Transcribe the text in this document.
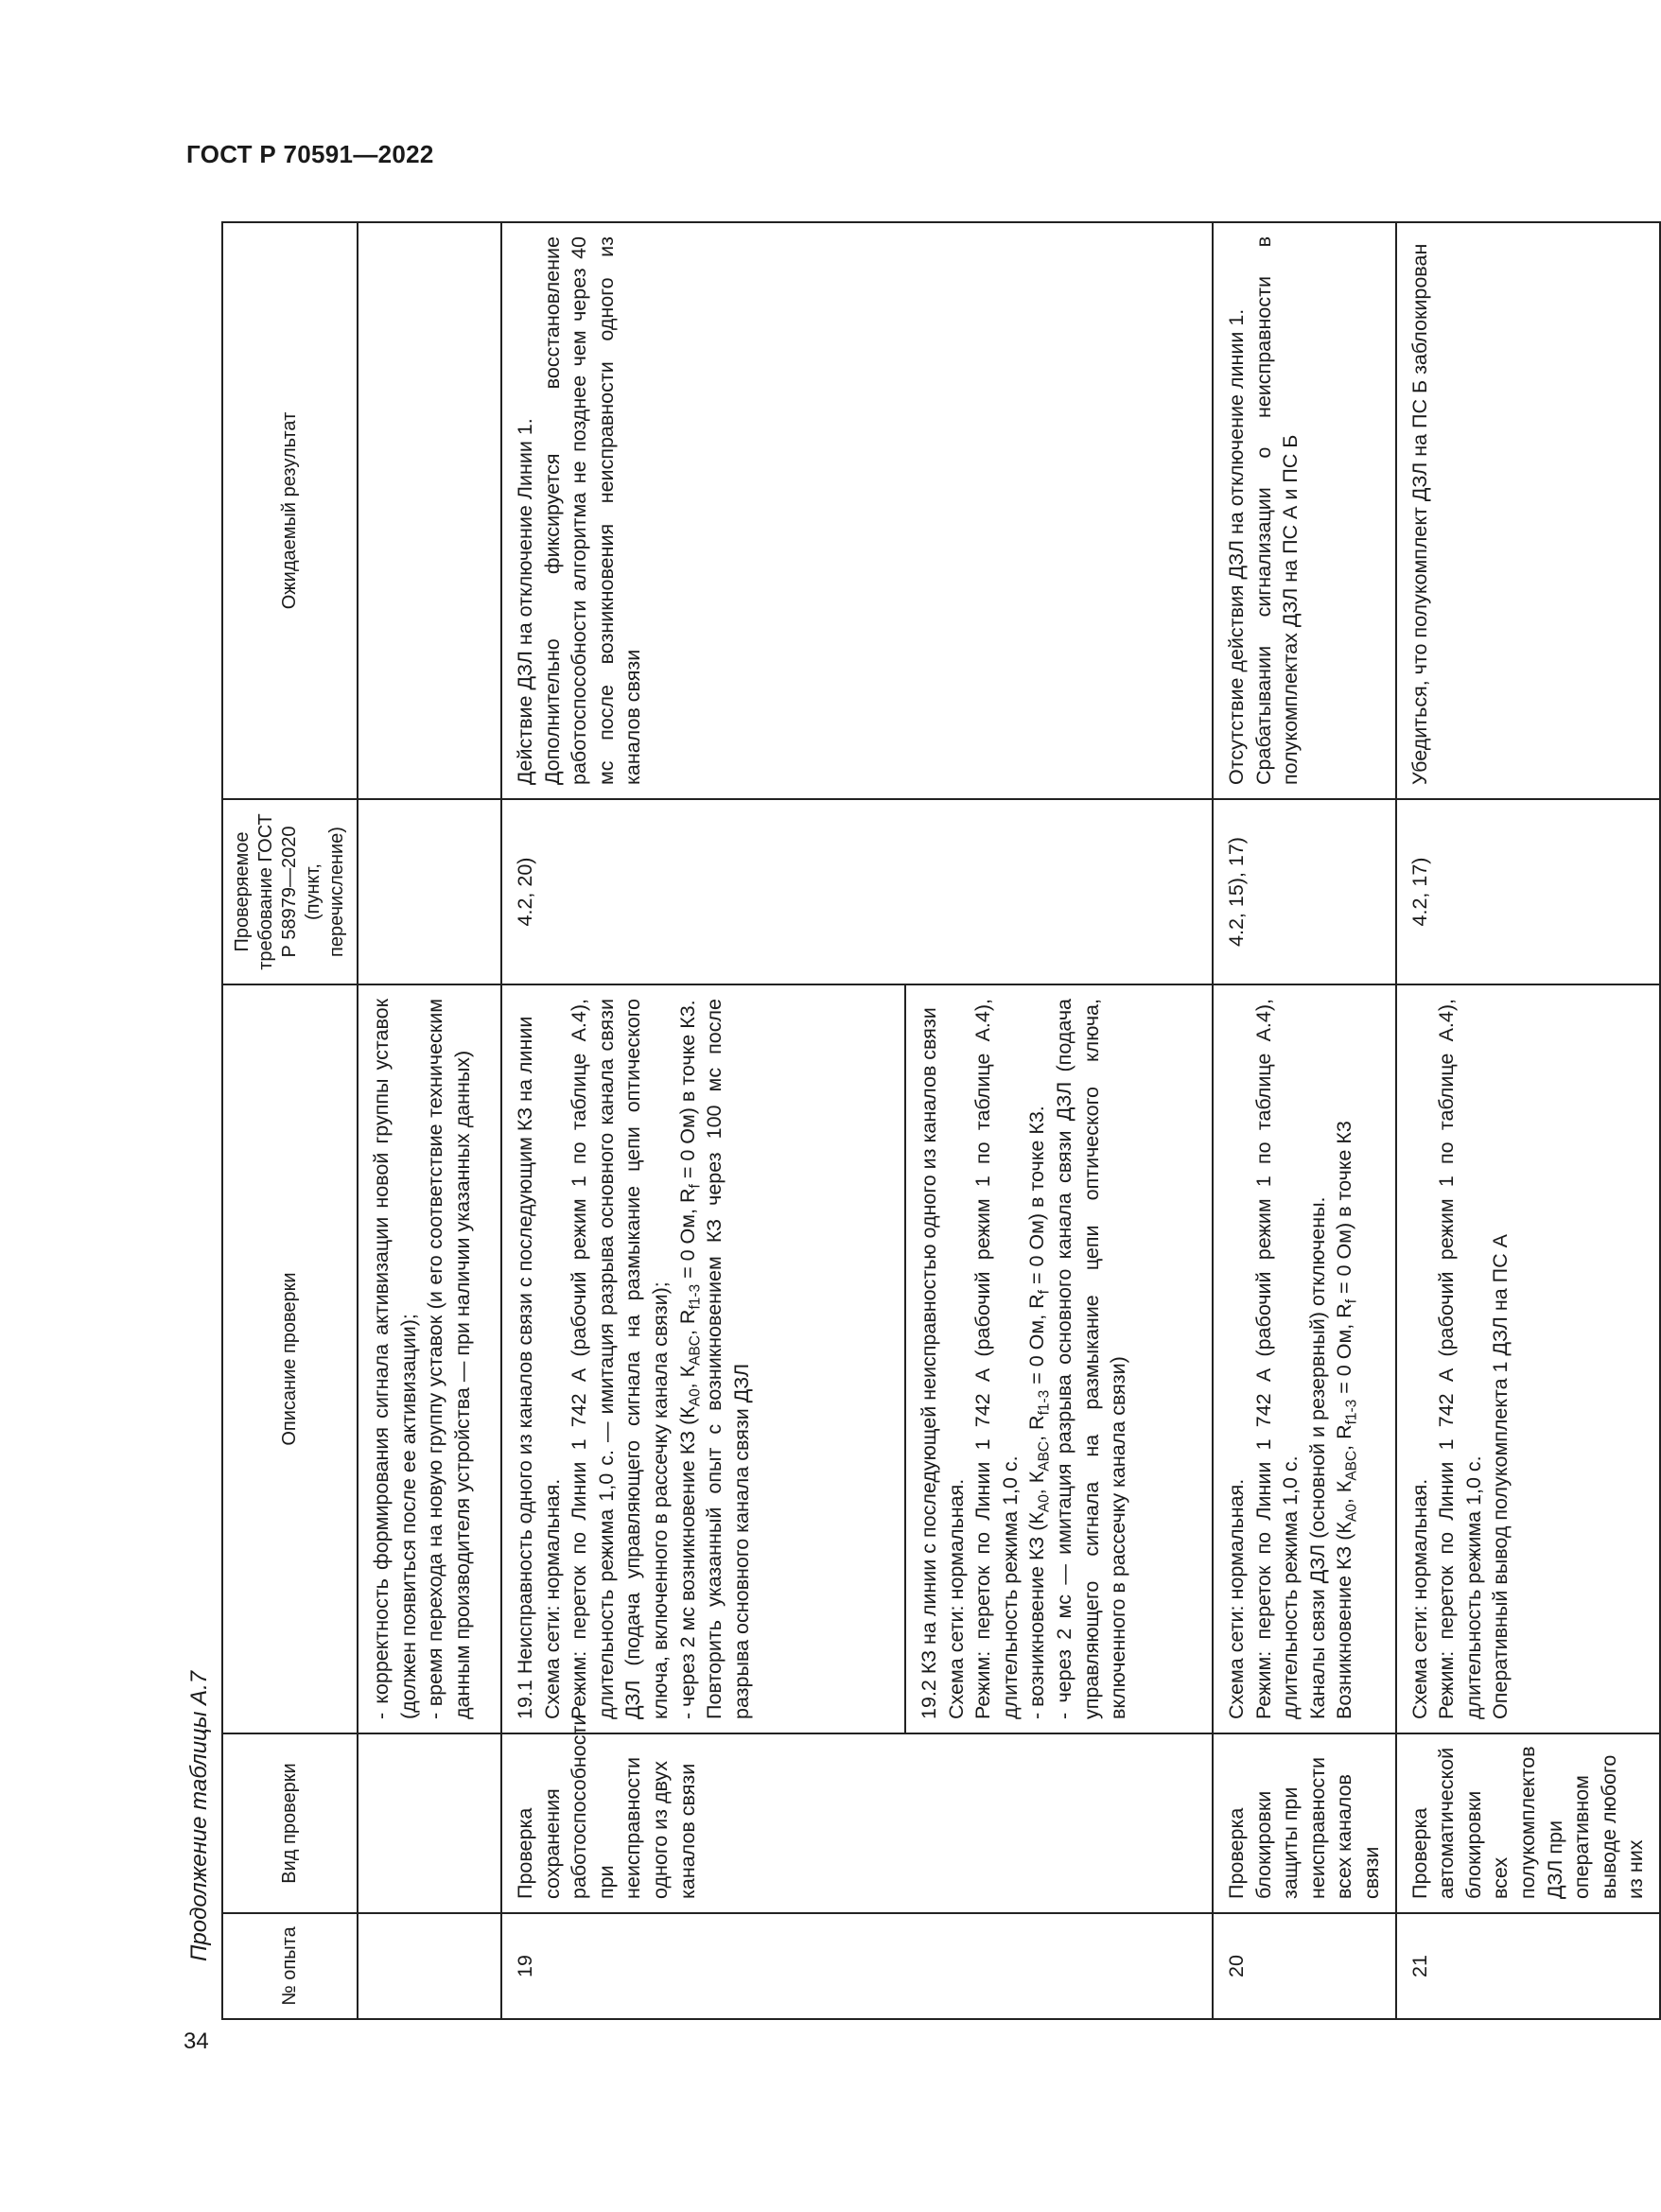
ГОСТ Р 70591—2022
34
Продолжение таблицы А.7
№ опыта	Вид проверки	Описание проверки	Проверяемое требование ГОСТ Р 58979—2020 (пункт, перечисление)	Ожидаемый результат

		- корректность формирования сигнала активизации новой группы уставок (должен появиться после ее активизации); - время перехода на новую группу уставок (и его соответствие техническим данным производителя устройства — при наличии указанных данных)		

19	Проверка сохранения работоспособности при неисправности одного из двух каналов связи	19.1 Неисправность одного из каналов связи с последующим КЗ на линии Схема сети: нормальная. Режим: переток по Линии 1 742 А (рабочий режим 1 по таблице А.4), длительность режима 1,0 с. — имитация разрыва основного канала связи ДЗЛ (подача управляющего сигнала на размыкание цепи оптического ключа, включенного в рассечку канала связи); - через 2 мс возникновение КЗ ($К_{A0}$, $К_{ABC}$, $R_{f1-3} = 0$ Ом, $R_f = 0$ Ом) в точке К3. Повторить указанный опыт с возникновением КЗ через 100 мс после разрыва основного канала связи ДЗЛ	4.2, 20)	Действие ДЗЛ на отключение Линии 1. Дополнительно фиксируется восстановление работоспособности алгоритма не позднее чем через 40 мс после возникновения неисправности одного из каналов связи

		19.2 КЗ на линии с последующей неисправностью одного из каналов связи Схема сети: нормальная. Режим: переток по Линии 1 742 А (рабочий режим 1 по таблице А.4), длительность режима 1,0 с. - возникновение КЗ ($К_{A0}$, $К_{ABC}$, $R_{f1-3} = 0$ Ом, $R_f = 0$ Ом) в точке К3. - через 2 мс — имитация разрыва основного канала связи ДЗЛ (подача управляющего сигнала на размыкание цепи оптического ключа, включенного в рассечку канала связи)		

20	Проверка блокировки защиты при неисправности всех каналов связи	Схема сети: нормальная. Режим: переток по Линии 1 742 А (рабочий режим 1 по таблице А.4), длительность режима 1,0 с. Каналы связи ДЗЛ (основной и резервный) отключены. Возникновение КЗ ($К_{A0}$, $К_{ABC}$, $R_{f1-3} = 0$ Ом, $R_f = 0$ Ом) в точке К3	4.2, 15), 17)	Отсутствие действия ДЗЛ на отключение линии 1. Срабатывании сигнализации о неисправности в полукомплектах ДЗЛ на ПС А и ПС Б

21	Проверка автоматической блокировки всех полукомплектов ДЗЛ при оперативном выводе любого из них	Схема сети: нормальная. Режим: переток по Линии 1 742 А (рабочий режим 1 по таблице А.4), длительность режима 1,0 с. Оперативный вывод полукомплекта 1 ДЗЛ на ПС А	4.2, 17)	Убедиться, что полукомплект ДЗЛ на ПС Б заблокирован
